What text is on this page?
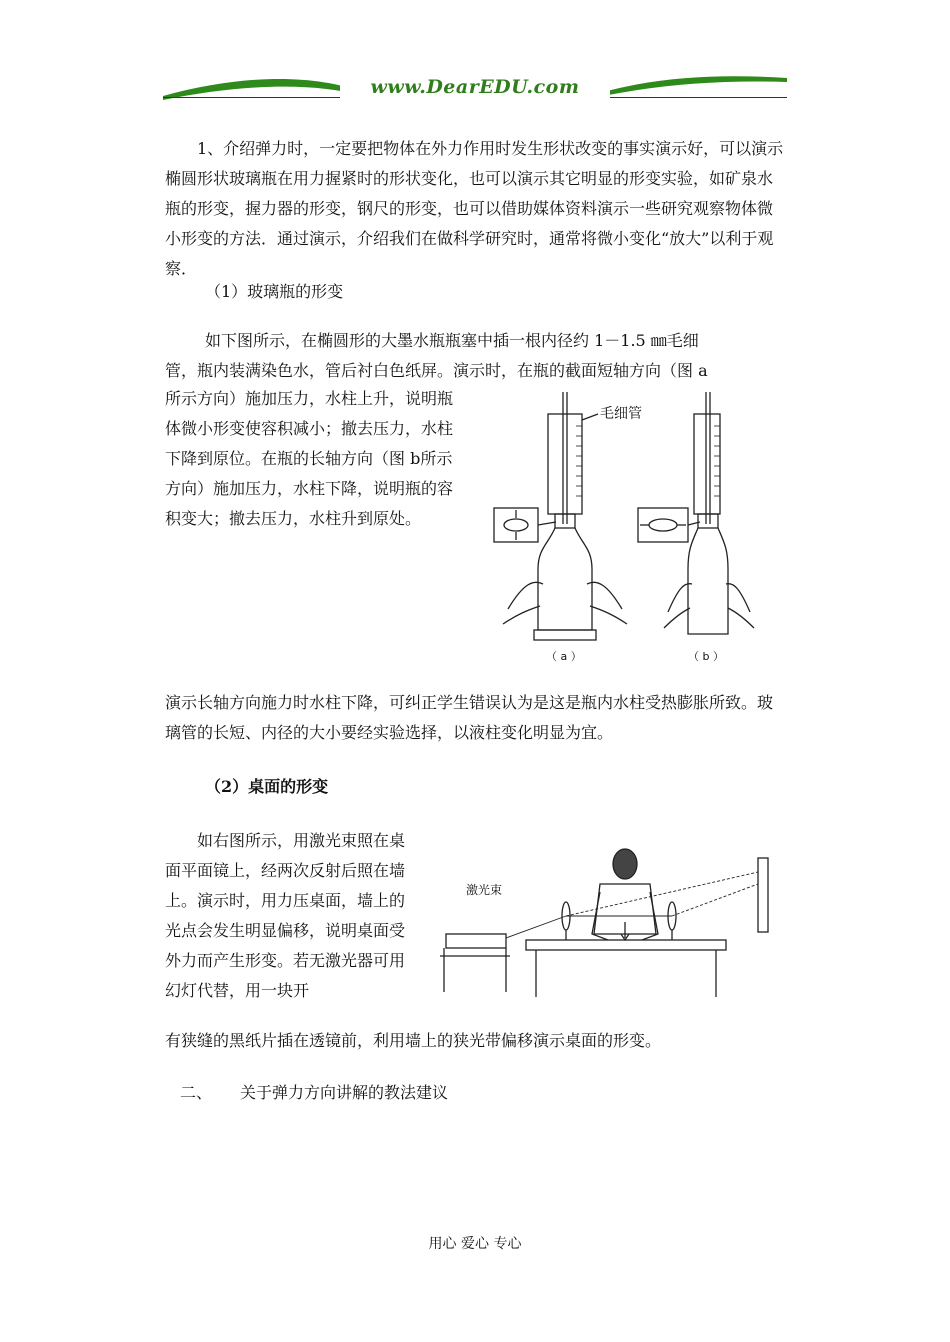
www.DearEDU.com

1、介绍弹力时，一定要把物体在外力作用时发生形状改变的事实演示好，可以演示椭圆形状玻璃瓶在用力握紧时的形状变化，也可以演示其它明显的形变实验，如矿泉水瓶的形变，握力器的形变，钢尺的形变，也可以借助媒体资料演示一些研究观察物体微小形变的方法．通过演示，介绍我们在做科学研究时，通常将微小变化“放大”以利于观察．

（1）玻璃瓶的形变

如下图所示，在椭圆形的大墨水瓶瓶塞中插一根内径约 1－1.5 ㎜毛细

管，瓶内装满染色水，管后衬白色纸屏。演示时，在瓶的截面短轴方向（图 a

所示方向）施加压力，水柱上升，说明瓶体微小形变使容积减小；撤去压力，水柱下降到原位。在瓶的长轴方向（图 b所示方向）施加压力，水柱下降，说明瓶的容积变大；撤去压力，水柱升到原处。

毛细管
（ a ）	（ b ）

演示长轴方向施力时水柱下降，可纠正学生错误认为是这是瓶内水柱受热膨胀所致。玻璃管的长短、内径的大小要经实验选择，以液柱变化明显为宜。

（2）桌面的形变

如右图所示，用激光束照在桌面平面镜上，经两次反射后照在墙上。演示时，用力压桌面，墙上的光点会发生明显偏移，说明桌面受外力而产生形变。若无激光器可用幻灯代替，用一块开

有狭缝的黑纸片插在透镜前，利用墙上的狭光带偏移演示桌面的形变。

激光束

二、	关于弹力方向讲解的教法建议

用心 爱心 专心
